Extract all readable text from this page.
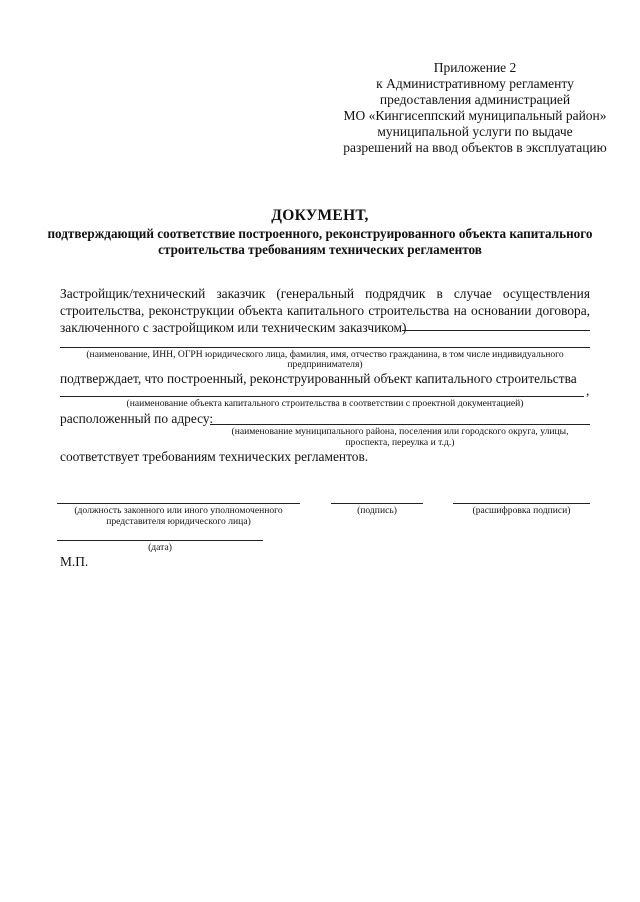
Приложение 2
к Административному регламенту
предоставления администрацией
МО «Кингисеппский муниципальный район»
муниципальной услуги по выдаче
разрешений на ввод объектов в эксплуатацию
ДОКУМЕНТ,
подтверждающий соответствие построенного, реконструированного объекта капитального
строительства требованиям технических регламентов
Застройщик/технический заказчик (генеральный подрядчик в случае осуществления
строительства, реконструкции объекта капитального строительства на основании договора,
заключенного с застройщиком или техническим заказчиком)
(наименование, ИНН, ОГРН юридического лица, фамилия, имя, отчество гражданина, в том числе индивидуального
предпринимателя)
подтверждает, что построенный, реконструированный объект капитального строительства
,
(наименование объекта капитального строительства в соответствии с проектной документацией)
расположенный по адресу:
(наименование муниципального района, поселения или городского округа, улицы,
проспекта, переулка и т.д.)
соответствует требованиям технических регламентов.
(должность законного или иного уполномоченного
представителя юридического лица)
(подпись)	(расшифровка подписи)
(дата)
М.П.
